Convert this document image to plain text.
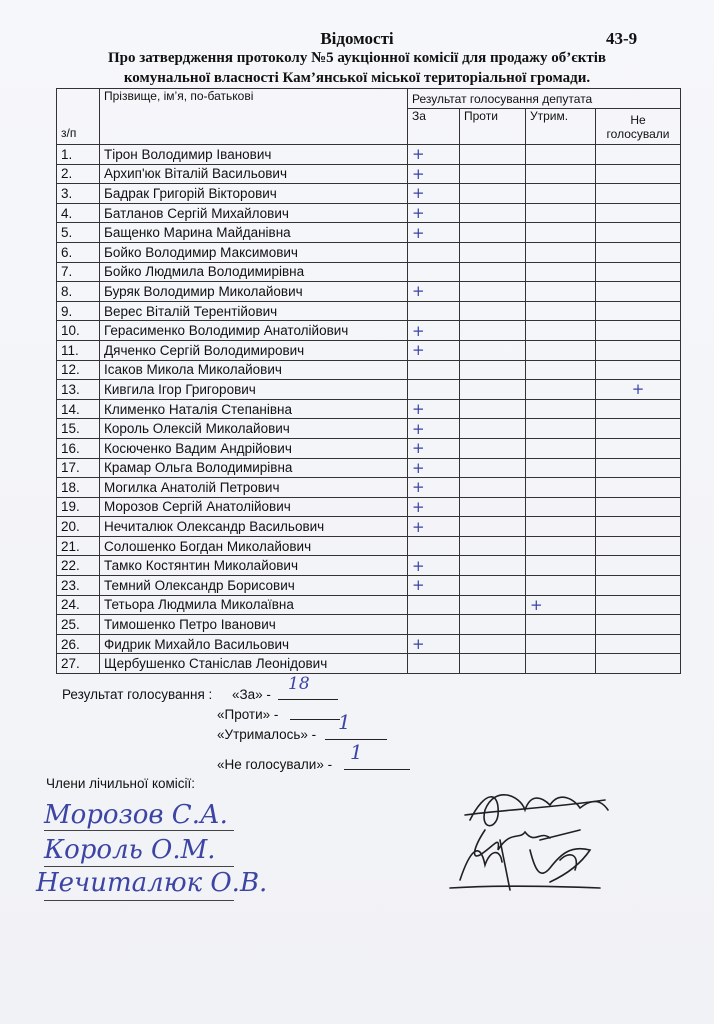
Відомості	43-9
Про затвердження протоколу №5 аукціонної комісії для продажу об’єктів
комунальної власності Кам’янської міської територіальної громади.
з/п	Прізвище, ім’я, по-батькові	Результат голосування депутата			
		За	Проти	Утрим.	Не голосували
1.	Тірон Володимир Іванович	+			
2.	Архип'юк Віталій Васильович	+			
3.	Бадрак Григорій Вікторович	+			
4.	Батланов Сергій Михайлович	+			
5.	Бащенко Марина Майданівна	+			
6.	Бойко Володимир Максимович				
7.	Бойко Людмила Володимирівна				
8.	Буряк Володимир Миколайович	+			
9.	Верес Віталій Терентійович				
10.	Герасименко Володимир Анатолійович	+			
11.	Дяченко Сергій Володимирович	+			
12.	Ісаков Микола Миколайович				
13.	Кивгила Ігор Григорович				+
14.	Клименко Наталія Степанівна	+			
15.	Король Олексій Миколайович	+			
16.	Косюченко Вадим Андрійович	+			
17.	Крамар Ольга Володимирівна	+			
18.	Могилка Анатолій Петрович	+			
19.	Морозов Сергій Анатолійович	+			
20.	Нечиталюк Олександр Васильович	+			
21.	Солошенко Богдан Миколайович				
22.	Тамко Костянтин Миколайович	+			
23.	Темний Олександр Борисович	+			
24.	Тетьора Людмила Миколаївна			+	
25.	Тимошенко Петро Іванович				
26.	Фидрик Михайло Васильович	+			
27.	Щербушенко Станіслав Леонідович				
Результат голосування : «За» -
18
«Проти» -
«Утрималось» -
1
«Не голосували» -
1
Члени лічильної комісії:
Морозов С.А.
Король О.М.
Нечиталюк О.В.
